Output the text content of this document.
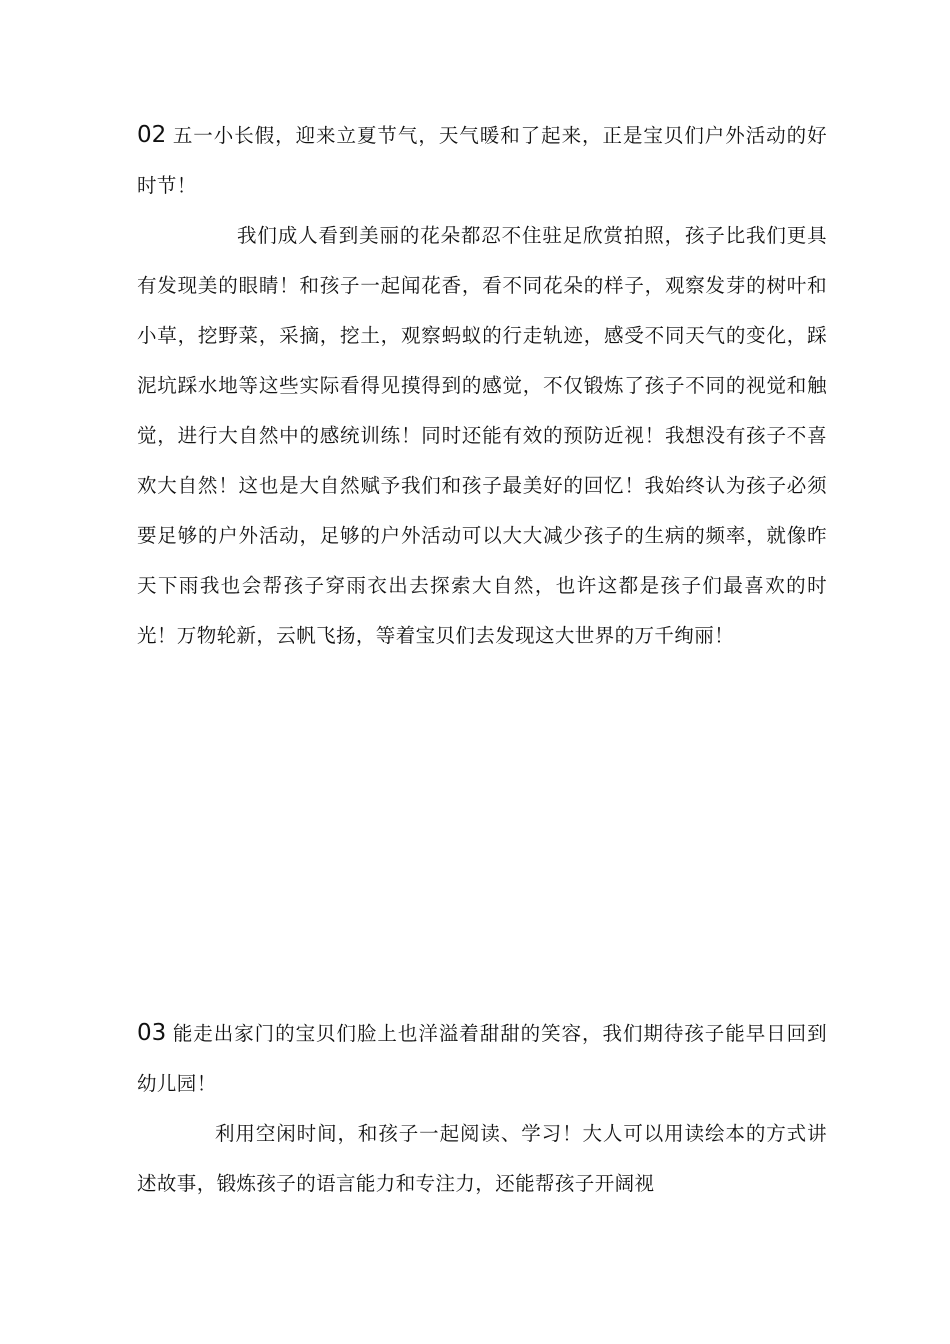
02 五一小长假，迎来立夏节气，天气暖和了起来，正是宝贝们户外活动的好时节！

我们成人看到美丽的花朵都忍不住驻足欣赏拍照，孩子比我们更具有发现美的眼睛！和孩子一起闻花香，看不同花朵的样子，观察发芽的树叶和小草，挖野菜，采摘，挖土，观察蚂蚁的行走轨迹，感受不同天气的变化，踩泥坑踩水地等这些实际看得见摸得到的感觉，不仅锻炼了孩子不同的视觉和触觉，进行大自然中的感统训练！同时还能有效的预防近视！我想没有孩子不喜欢大自然！这也是大自然赋予我们和孩子最美好的回忆！我始终认为孩子必须要足够的户外活动，足够的户外活动可以大大减少孩子的生病的频率，就像昨天下雨我也会帮孩子穿雨衣出去探索大自然，也许这都是孩子们最喜欢的时光！万物轮新，云帆飞扬，等着宝贝们去发现这大世界的万千绚丽！

03 能走出家门的宝贝们脸上也洋溢着甜甜的笑容，我们期待孩子能早日回到幼儿园！

利用空闲时间，和孩子一起阅读、学习！大人可以用读绘本的方式讲述故事，锻炼孩子的语言能力和专注力，还能帮孩子开阔视
